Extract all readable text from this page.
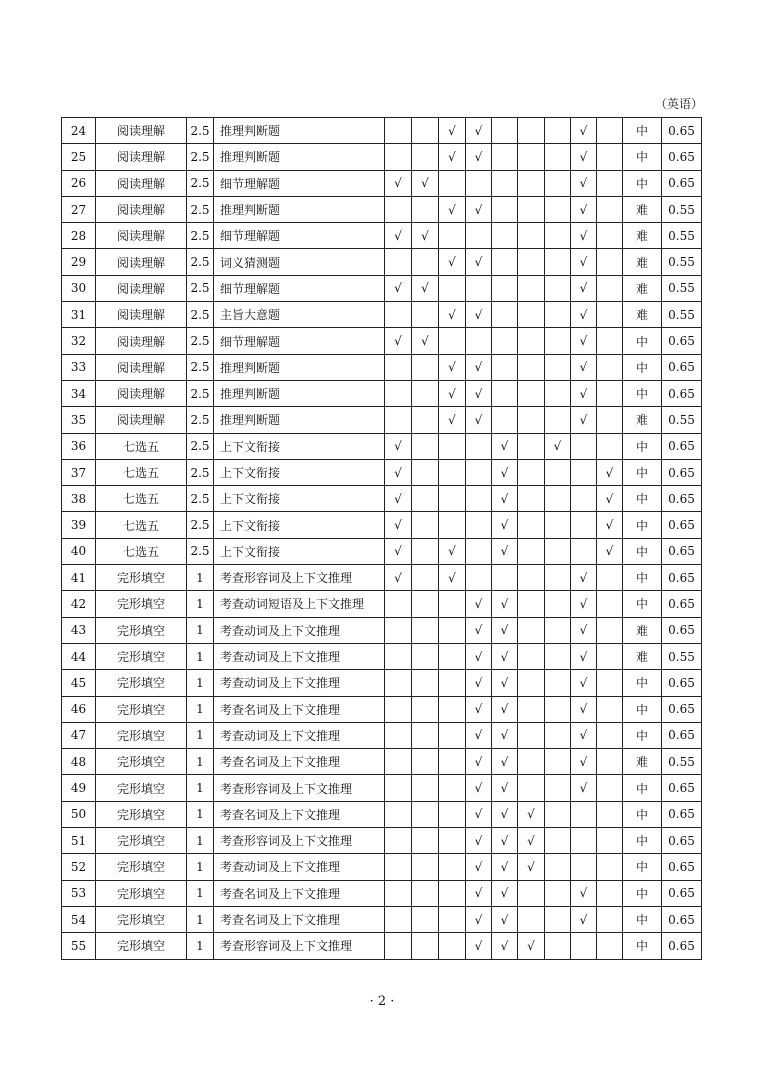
（英语）
24	阅读理解	2.5	推理判断题			√	√				√		中	0.65
25	阅读理解	2.5	推理判断题			√	√				√		中	0.65
26	阅读理解	2.5	细节理解题	√	√						√		中	0.65
27	阅读理解	2.5	推理判断题			√	√				√		难	0.55
28	阅读理解	2.5	细节理解题	√	√						√		难	0.55
29	阅读理解	2.5	词义猜测题			√	√				√		难	0.55
30	阅读理解	2.5	细节理解题	√	√						√		难	0.55
31	阅读理解	2.5	主旨大意题			√	√				√		难	0.55
32	阅读理解	2.5	细节理解题	√	√						√		中	0.65
33	阅读理解	2.5	推理判断题			√	√				√		中	0.65
34	阅读理解	2.5	推理判断题			√	√				√		中	0.65
35	阅读理解	2.5	推理判断题			√	√				√		难	0.55
36	七选五	2.5	上下文衔接	√				√		√			中	0.65
37	七选五	2.5	上下文衔接	√				√				√	中	0.65
38	七选五	2.5	上下文衔接	√				√				√	中	0.65
39	七选五	2.5	上下文衔接	√				√				√	中	0.65
40	七选五	2.5	上下文衔接	√		√		√				√	中	0.65
41	完形填空	1	考查形容词及上下文推理	√		√					√		中	0.65
42	完形填空	1	考查动词短语及上下文推理				√	√			√		中	0.65
43	完形填空	1	考查动词及上下文推理				√	√			√		难	0.65
44	完形填空	1	考查动词及上下文推理				√	√			√		难	0.55
45	完形填空	1	考查动词及上下文推理				√	√			√		中	0.65
46	完形填空	1	考查名词及上下文推理				√	√			√		中	0.65
47	完形填空	1	考查动词及上下文推理				√	√			√		中	0.65
48	完形填空	1	考查名词及上下文推理				√	√			√		难	0.55
49	完形填空	1	考查形容词及上下文推理				√	√			√		中	0.65
50	完形填空	1	考查名词及上下文推理				√	√	√				中	0.65
51	完形填空	1	考查形容词及上下文推理				√	√	√				中	0.65
52	完形填空	1	考查动词及上下文推理				√	√	√				中	0.65
53	完形填空	1	考查名词及上下文推理				√	√			√		中	0.65
54	完形填空	1	考查名词及上下文推理				√	√			√		中	0.65
55	完形填空	1	考查形容词及上下文推理				√	√	√				中	0.65
· 2 ·
